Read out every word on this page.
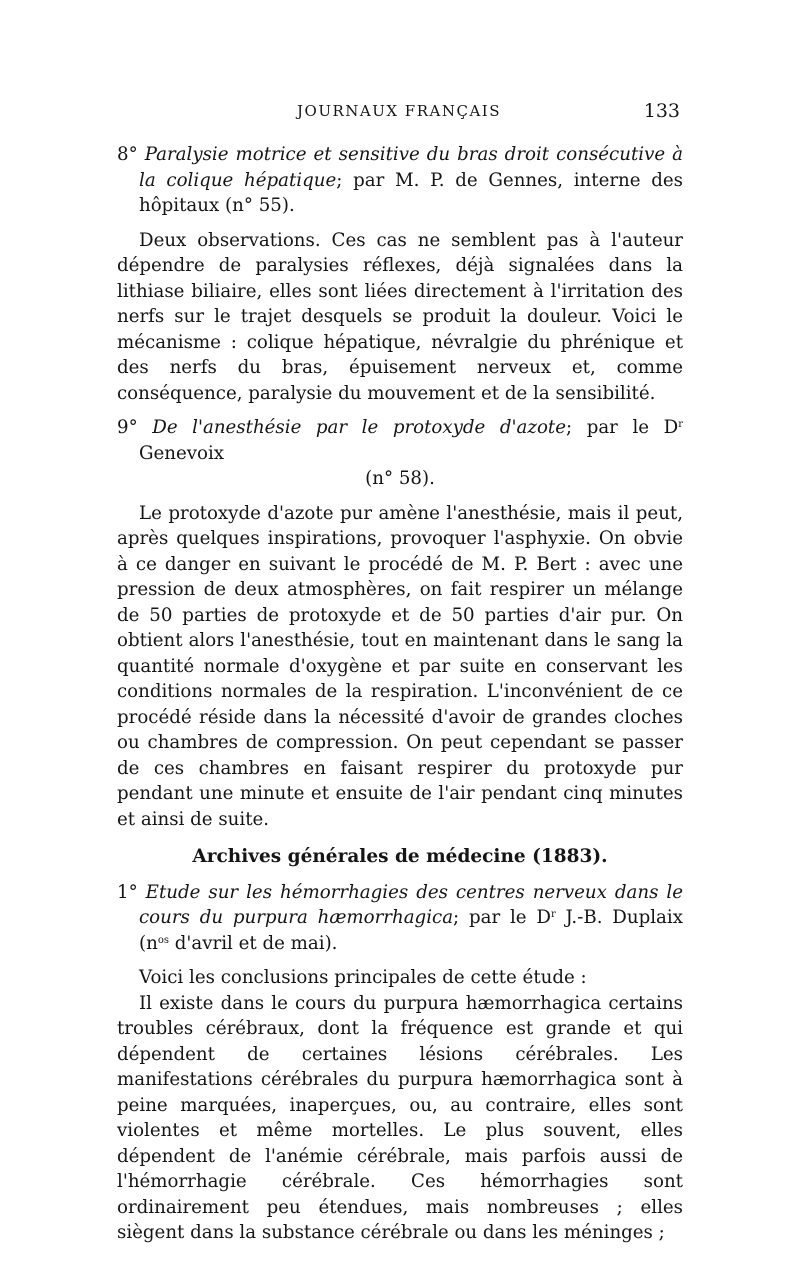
JOURNAUX FRANÇAIS	133

8° Paralysie motrice et sensitive du bras droit consécutive à la colique hépatique; par M. P. de Gennes, interne des hôpitaux (n° 55).

Deux observations. Ces cas ne semblent pas à l'auteur dépendre de paralysies réflexes, déjà signalées dans la lithiase biliaire, elles sont liées directement à l'irritation des nerfs sur le trajet desquels se produit la douleur. Voici le mécanisme : colique hépatique, névralgie du phrénique et des nerfs du bras, épuisement nerveux et, comme conséquence, paralysie du mouvement et de la sensibilité.

9° De l'anesthésie par le protoxyde d'azote; par le $D^r$ Genevoix

(n° 58).

Le protoxyde d'azote pur amène l'anesthésie, mais il peut, après quelques inspirations, provoquer l'asphyxie. On obvie à ce danger en suivant le procédé de M. P. Bert : avec une pression de deux atmosphères, on fait respirer un mélange de 50 parties de protoxyde et de 50 parties d'air pur. On obtient alors l'anesthésie, tout en maintenant dans le sang la quantité normale d'oxygène et par suite en conservant les conditions normales de la respiration. L'inconvénient de ce procédé réside dans la nécessité d'avoir de grandes cloches ou chambres de compression. On peut cependant se passer de ces chambres en faisant respirer du protoxyde pur pendant une minute et ensuite de l'air pendant cinq minutes et ainsi de suite.

Archives générales de médecine (1883).

1° Etude sur les hémorrhagies des centres nerveux dans le cours du purpura hæmorrhagica; par le $D^r$ J.-B. Duplaix ($n^{os}$ d'avril et de mai).

Voici les conclusions principales de cette étude :

Il existe dans le cours du purpura hæmorrhagica certains troubles cérébraux, dont la fréquence est grande et qui dépendent de certaines lésions cérébrales. Les manifestations cérébrales du purpura hæmorrhagica sont à peine marquées, inaperçues, ou, au contraire, elles sont violentes et même mortelles. Le plus souvent, elles dépendent de l'anémie cérébrale, mais parfois aussi de l'hémorrhagie cérébrale. Ces hémorrhagies sont ordinairement peu étendues, mais nombreuses ; elles siègent dans la substance cérébrale ou dans les méninges ;
